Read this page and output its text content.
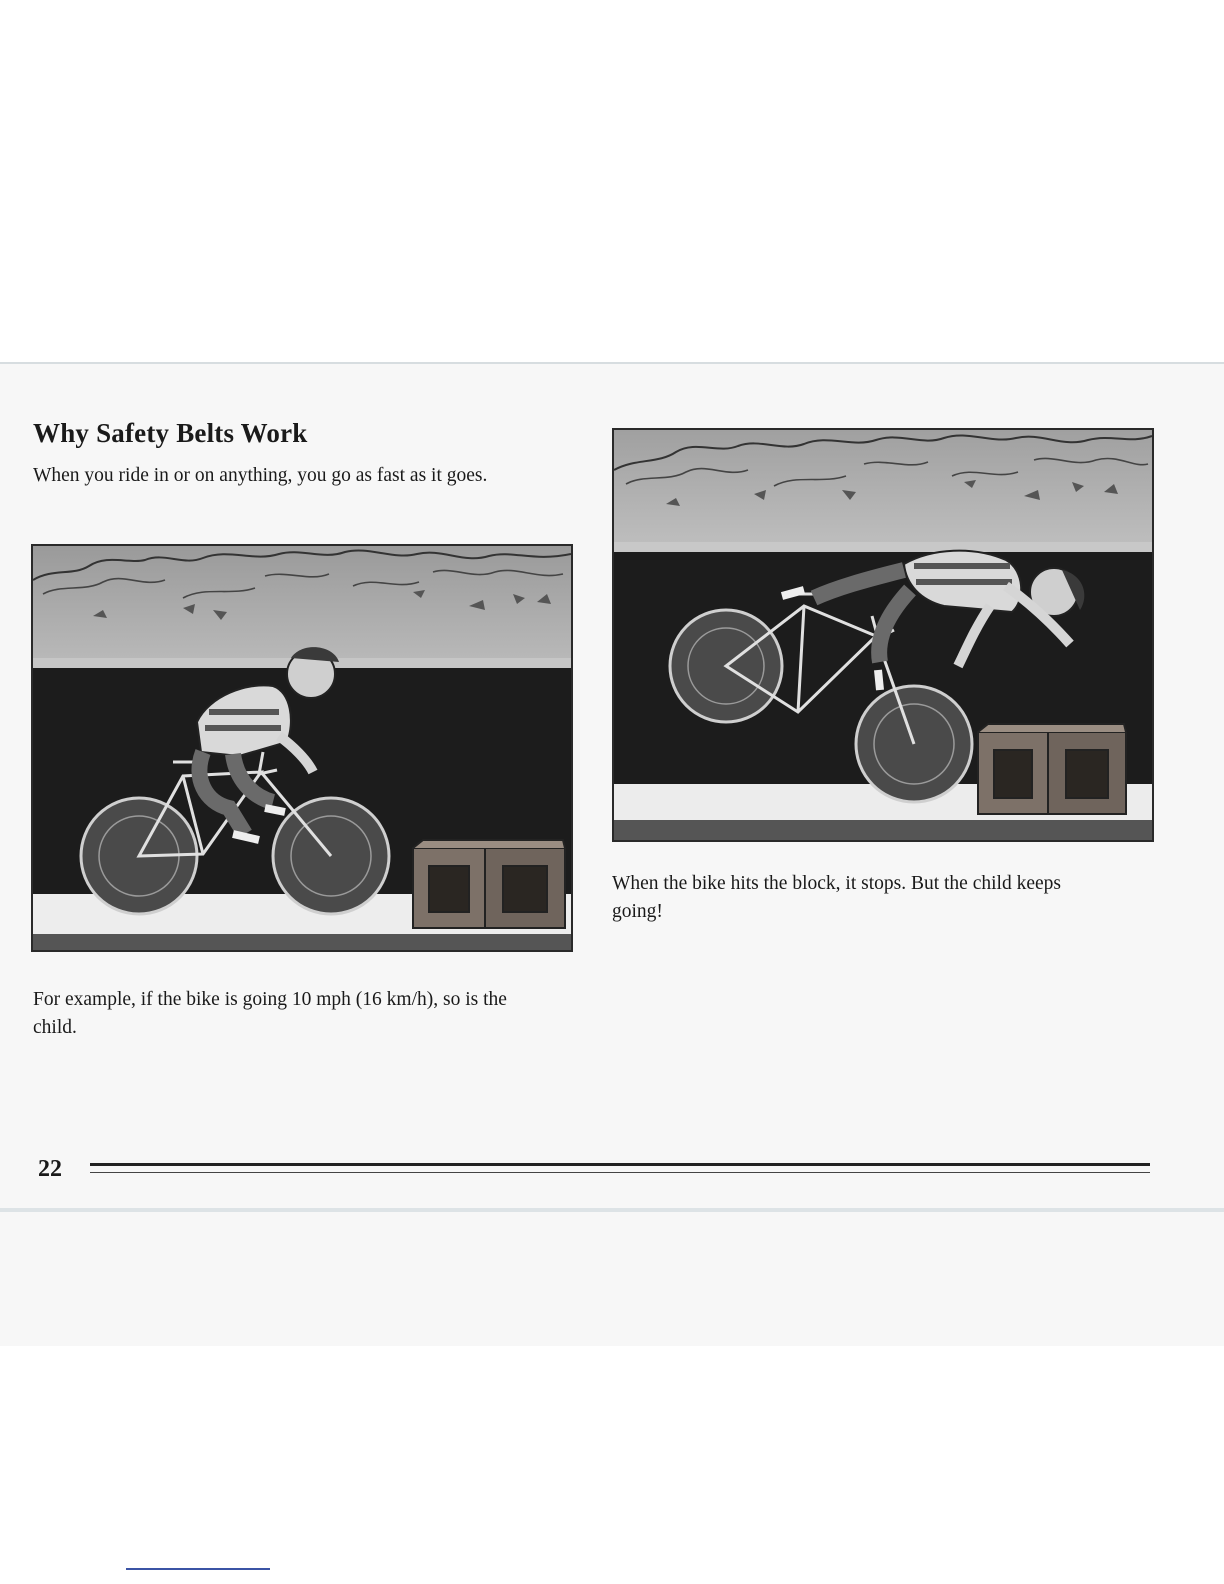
Why Safety Belts Work

When you ride in or on anything, you go as fast as it goes.

When the bike hits the block, it stops. But the child keeps going!

For example, if the bike is going 10 mph (16 km/h), so is the child.

22
